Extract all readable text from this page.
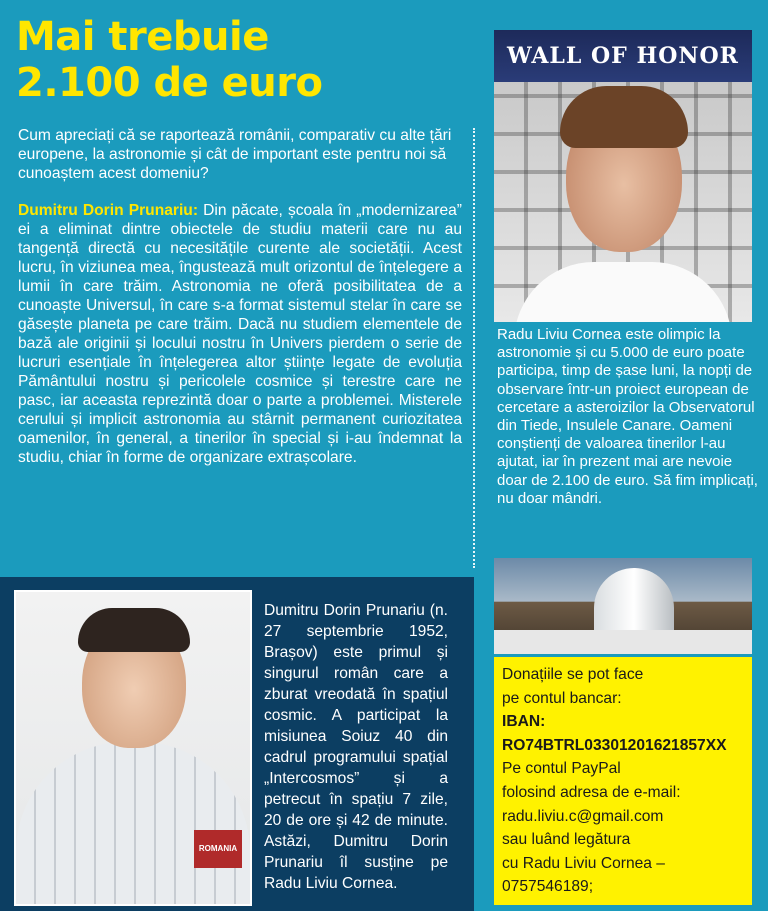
Mai trebuie
2.100 de euro

Cum apreciați că se raportează românii, comparativ cu alte țări europene, la astronomie și cât de important este pentru noi să cunoaștem acest domeniu?

Dumitru Dorin Prunariu: Din păcate, școala în „modernizarea” ei a eliminat dintre obiectele de studiu materii care nu au tangență directă cu necesitățile curente ale societății. Acest lucru, în viziunea mea, îngustează mult orizontul de înțelegere a lumii în care trăim. Astronomia ne oferă posibilitatea de a cunoaște Universul, în care s-a format sistemul stelar în care se găsește planeta pe care trăim. Dacă nu studiem elementele de bază ale originii și locului nostru în Univers pierdem o serie de lucruri esențiale în înțelegerea altor științe legate de evoluția Pământului nostru și pericolele cosmice și terestre care ne pasc, iar aceasta reprezintă doar o parte a problemei. Misterele cerului și implicit astronomia au stârnit permanent curiozitatea oamenilor, în general, a tinerilor în special și i-au îndemnat la studiu, chiar în forme de organizare extrașcolare.

WALL OF HONOR
Radu Liviu Cornea este olimpic la astronomie și cu 5.000 de euro poate participa, timp de șase luni, la nopți de observare într-un proiect european de cercetare a asteroizilor la Observatorul din Tiede, Insulele Canare. Oameni conștienți de valoarea tinerilor l-au ajutat, iar în prezent mai are nevoie doar de 2.100 de euro. Să fim implicați, nu doar mândri.
Donațiile se pot face
pe contul bancar:
IBAN:
RO74BTRL03301201621857XX
Pe contul PayPal
folosind adresa de e-mail:
radu.liviu.c@gmail.com
sau luând legătura
cu Radu Liviu Cornea –
0757546189;
ROMANIA
Dumitru Dorin Prunariu (n. 27 septembrie 1952, Brașov) este primul și singurul român care a zburat vreodată în spațiul cosmic. A participat la misiunea Soiuz 40 din cadrul programului spațial „Intercosmos” și a petrecut în spațiu 7 zile, 20 de ore și 42 de minute. Astăzi, Dumitru Dorin Prunariu îl susține pe Radu Liviu Cornea.
